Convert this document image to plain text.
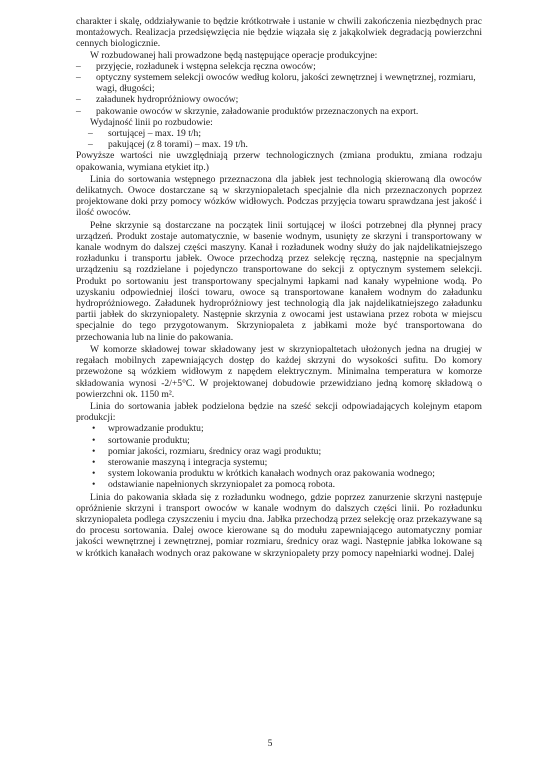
charakter i skalę, oddziaływanie to będzie krótkotrwałe i ustanie w chwili zakończenia niezbędnych prac montażowych. Realizacja przedsięwzięcia nie będzie wiązała się z jakąkolwiek degradacją powierzchni cennych biologicznie.

W rozbudowanej hali prowadzone będą następujące operacje produkcyjne:

– przyjęcie, rozładunek i wstępna selekcja ręczna owoców;
– optyczny systemem selekcji owoców według koloru, jakości zewnętrznej i wewnętrznej, rozmiaru, wagi, długości;
– załadunek hydropróżniowy owoców;
– pakowanie owoców w skrzynie, załadowanie produktów przeznaczonych na export.

Wydajność linii po rozbudowie:

– sortującej – max. 19 t/h;
– pakującej (z 8 torami) – max. 19 t/h.

Powyższe wartości nie uwzględniają przerw technologicznych (zmiana produktu, zmiana rodzaju opakowania, wymiana etykiet itp.)

Linia do sortowania wstępnego przeznaczona dla jabłek jest technologią skierowaną dla owoców delikatnych. Owoce dostarczane są w skrzyniopaletach specjalnie dla nich przeznaczonych poprzez projektowane doki przy pomocy wózków widłowych. Podczas przyjęcia towaru sprawdzana jest jakość i ilość owoców.

Pełne skrzynie są dostarczane na początek linii sortującej w ilości potrzebnej dla płynnej pracy urządzeń. Produkt zostaje automatycznie, w basenie wodnym, usunięty ze skrzyni i transportowany w kanale wodnym do dalszej części maszyny. Kanał i rozładunek wodny służy do jak najdelikatniejszego rozładunku i transportu jabłek. Owoce przechodzą przez selekcję ręczną, następnie na specjalnym urządzeniu są rozdzielane i pojedynczo transportowane do sekcji z optycznym systemem selekcji. Produkt po sortowaniu jest transportowany specjalnymi łapkami nad kanały wypełnione wodą. Po uzyskaniu odpowiedniej ilości towaru, owoce są transportowane kanałem wodnym do załadunku hydropróżniowego. Załadunek hydropróżniowy jest technologią dla jak najdelikatniejszego załadunku partii jabłek do skrzyniopalety. Następnie skrzynia z owocami jest ustawiana przez robota w miejscu specjalnie do tego przygotowanym. Skrzyniopaleta z jabłkami może być transportowana do przechowania lub na linie do pakowania.

W komorze składowej towar składowany jest w skrzyniopaltetach ułożonych jedna na drugiej w regałach mobilnych zapewniających dostęp do każdej skrzyni do wysokości sufitu. Do komory przewożone są wózkiem widłowym z napędem elektrycznym. Minimalna temperatura w komorze składowania wynosi -2/+5°C. W projektowanej dobudowie przewidziano jedną komorę składową o powierzchni ok. 1150 m².

Linia do sortowania jabłek podzielona będzie na sześć sekcji odpowiadających kolejnym etapom produkcji:

• wprowadzanie produktu;
• sortowanie produktu;
• pomiar jakości, rozmiaru, średnicy oraz wagi produktu;
• sterowanie maszyną i integracja systemu;
• system lokowania produktu w krótkich kanałach wodnych oraz pakowania wodnego;
• odstawianie napełnionych skrzyniopalet za pomocą robota.

Linia do pakowania składa się z rozładunku wodnego, gdzie poprzez zanurzenie skrzyni następuje opróżnienie skrzyni i transport owoców w kanale wodnym do dalszych części linii. Po rozładunku skrzyniopaleta podlega czyszczeniu i myciu dna. Jabłka przechodzą przez selekcję oraz przekazywane są do procesu sortowania. Dalej owoce kierowane są do modułu zapewniającego automatyczny pomiar jakości wewnętrznej i zewnętrznej, pomiar rozmiaru, średnicy oraz wagi. Następnie jabłka lokowane są w krótkich kanałach wodnych oraz pakowane w skrzyniopalety przy pomocy napełniarki wodnej. Dalej

5
